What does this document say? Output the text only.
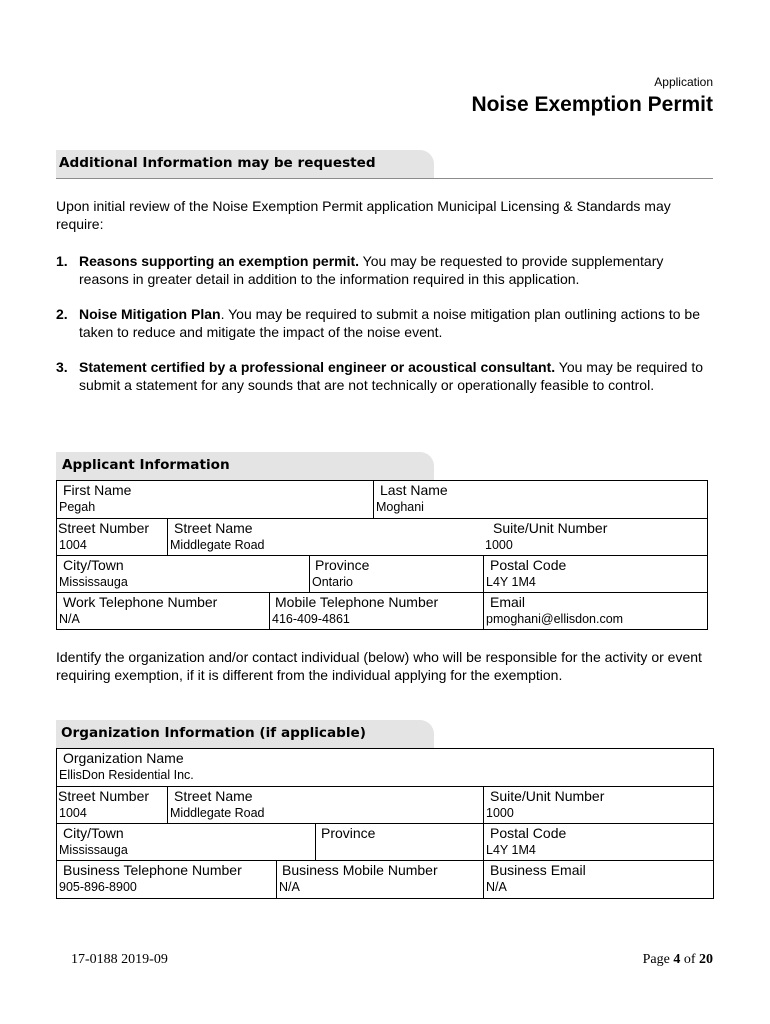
Application
Noise Exemption Permit
Additional Information may be requested
Upon initial review of the Noise Exemption Permit application Municipal Licensing & Standards may require:
1. Reasons supporting an exemption permit. You may be requested to provide supplementary reasons in greater detail in addition to the information required in this application.
2. Noise Mitigation Plan. You may be required to submit a noise mitigation plan outlining actions to be taken to reduce and mitigate the impact of the noise event.
3. Statement certified by a professional engineer or acoustical consultant. You may be required to submit a statement for any sounds that are not technically or operationally feasible to control.
Applicant Information
First Name
Pegah
Last Name
Moghani
Street Number
1004
Street Name
Middlegate Road
Suite/Unit Number
1000
City/Town
Mississauga
Province
Ontario
Postal Code
L4Y 1M4
Work Telephone Number
N/A
Mobile Telephone Number
416-409-4861
Email
pmoghani@ellisdon.com
Identify the organization and/or contact individual (below) who will be responsible for the activity or event requiring exemption, if it is different from the individual applying for the exemption.
Organization Information (if applicable)
Organization Name
EllisDon Residential Inc.
Street Number
1004
Street Name
Middlegate Road
Suite/Unit Number
1000
City/Town
Mississauga
Province	Postal Code
L4Y 1M4
Business Telephone Number
905-896-8900
Business Mobile Number
N/A
Business Email
N/A
17-0188 2019-09	Page 4 of 20
